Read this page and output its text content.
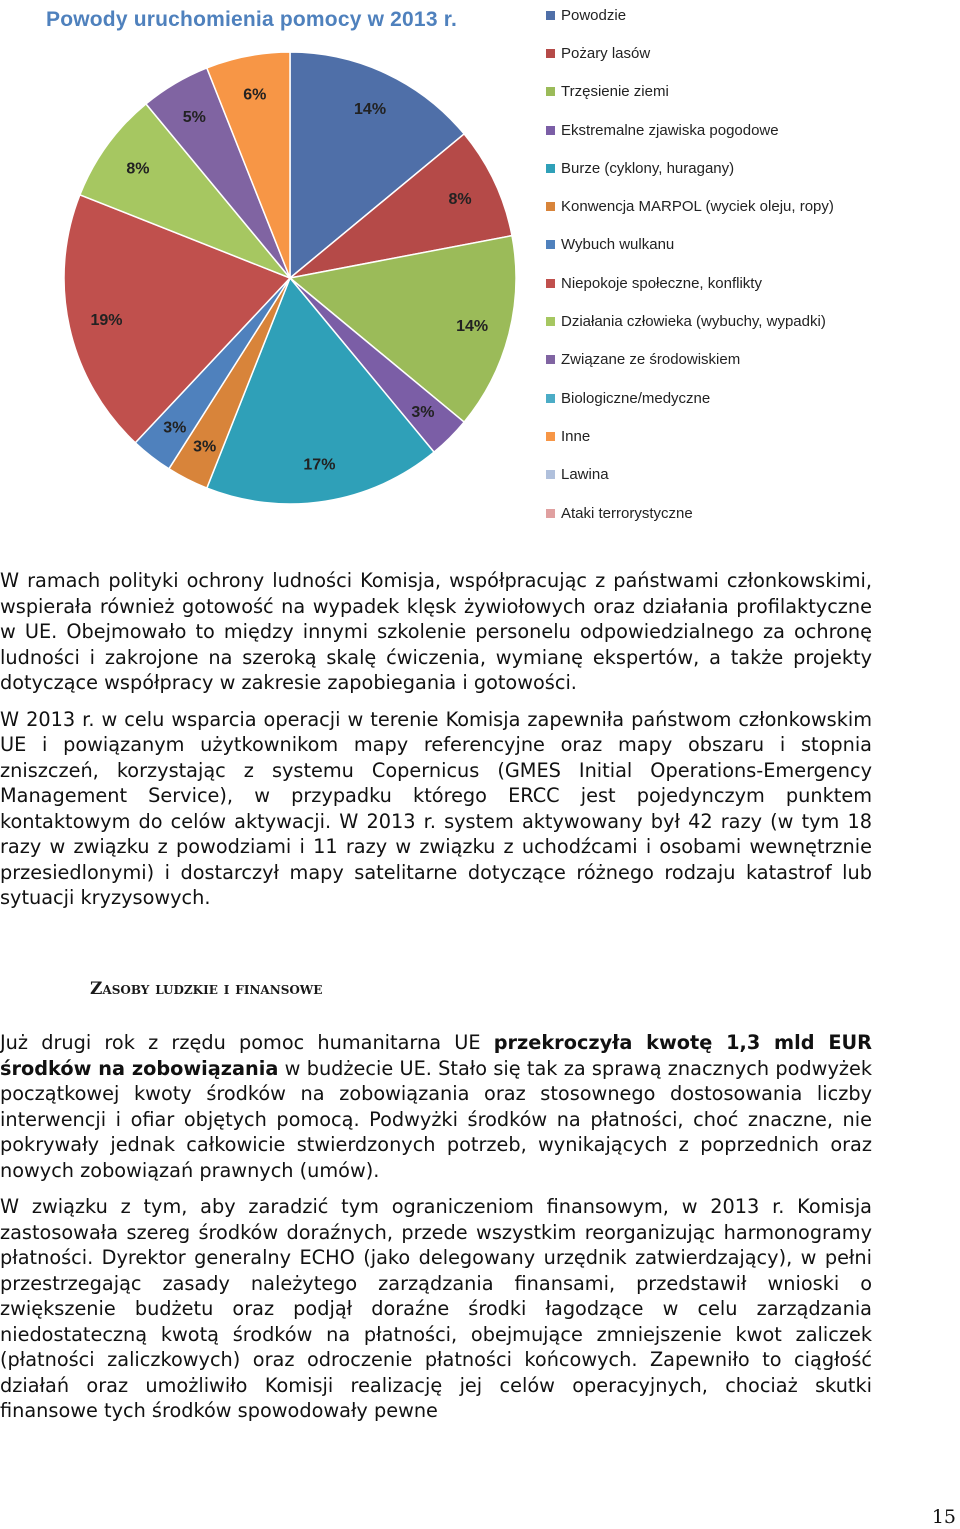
14%
8%
14%
3%
17%
3%
3%
19%
8%
5%
6%
Powody uruchomienia pomocy w 2013 r.	Powodzie
Pożary lasów
Trzęsienie ziemi
Ekstremalne zjawiska pogodowe
Burze (cyklony, huragany)
Konwencja MARPOL (wyciek oleju, ropy)
Wybuch wulkanu
Niepokoje społeczne, konflikty
Działania człowieka (wybuchy, wypadki)
Związane ze środowiskiem
Biologiczne/medyczne
Inne
Lawina
Ataki terrorystyczne

W ramach polityki ochrony ludności Komisja, współpracując z państwami członkowskimi, wspierała również gotowość na wypadek klęsk żywiołowych oraz działania profilaktyczne w UE. Obejmowało to między innymi szkolenie personelu odpowiedzialnego za ochronę ludności i zakrojone na szeroką skalę ćwiczenia, wymianę ekspertów, a także projekty dotyczące współpracy w zakresie zapobiegania i gotowości.

W 2013 r. w celu wsparcia operacji w terenie Komisja zapewniła państwom członkowskim UE i powiązanym użytkownikom mapy referencyjne oraz mapy obszaru i stopnia zniszczeń, korzystając z systemu Copernicus (GMES Initial Operations-Emergency Management Service), w przypadku którego ERCC jest pojedynczym punktem kontaktowym do celów aktywacji. W 2013 r. system aktywowany był 42 razy (w tym 18 razy w związku z powodziami i 11 razy w związku z uchodźcami i osobami wewnętrznie przesiedlonymi) i dostarczył mapy satelitarne dotyczące różnego rodzaju katastrof lub sytuacji kryzysowych.

Zasoby ludzkie i finansowe

Już drugi rok z rzędu pomoc humanitarna UE przekroczyła kwotę 1,3 mld EUR środków na zobowiązania w budżecie UE. Stało się tak za sprawą znacznych podwyżek początkowej kwoty środków na zobowiązania oraz stosownego dostosowania liczby interwencji i ofiar objętych pomocą. Podwyżki środków na płatności, choć znaczne, nie pokrywały jednak całkowicie stwierdzonych potrzeb, wynikających z poprzednich oraz nowych zobowiązań prawnych (umów).

W związku z tym, aby zaradzić tym ograniczeniom finansowym, w 2013 r. Komisja zastosowała szereg środków doraźnych, przede wszystkim reorganizując harmonogramy płatności. Dyrektor generalny ECHO (jako delegowany urzędnik zatwierdzający), w pełni przestrzegając zasady należytego zarządzania finansami, przedstawił wnioski o zwiększenie budżetu oraz podjął doraźne środki łagodzące w celu zarządzania niedostateczną kwotą środków na płatności, obejmujące zmniejszenie kwot zaliczek (płatności zaliczkowych) oraz odroczenie płatności końcowych. Zapewniło to ciągłość działań oraz umożliwiło Komisji realizację jej celów operacyjnych, chociaż skutki finansowe tych środków spowodowały pewne

15
